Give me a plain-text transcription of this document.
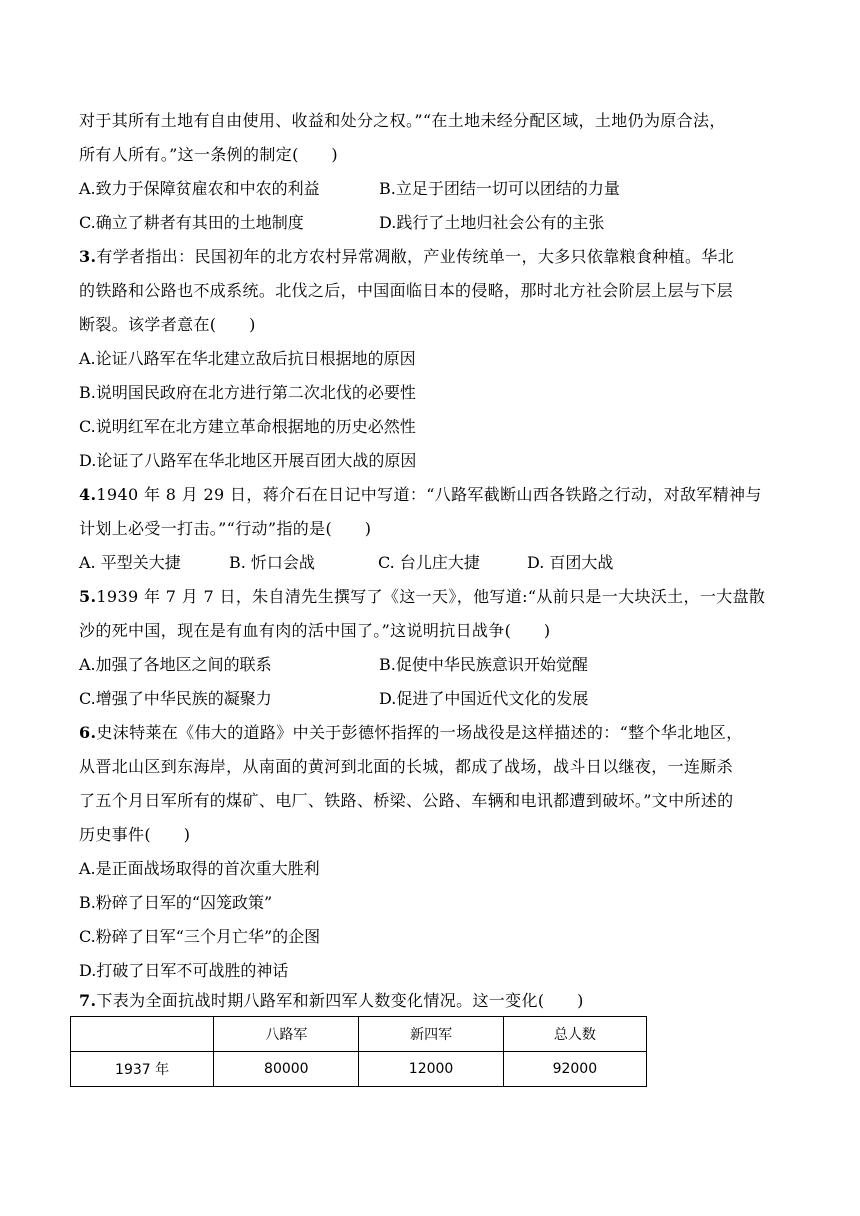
对于其所有土地有自由使用、收益和处分之权。”“在土地未经分配区域，土地仍为原合法，
所有人所有。”这一条例的制定(　　)
A.致力于保障贫雇农和中农的利益	B.立足于团结一切可以团结的力量
C.确立了耕者有其田的土地制度	D.践行了土地归社会公有的主张
3.有学者指出：民国初年的北方农村异常凋敝，产业传统单一，大多只依靠粮食种植。华北
的铁路和公路也不成系统。北伐之后，中国面临日本的侵略，那时北方社会阶层上层与下层
断裂。该学者意在(　　)
A.论证八路军在华北建立敌后抗日根据地的原因
B.说明国民政府在北方进行第二次北伐的必要性
C.说明红军在北方建立革命根据地的历史必然性
D.论证了八路军在华北地区开展百团大战的原因
4.1940 年 8 月 29 日，蒋介石在日记中写道：“八路军截断山西各铁路之行动，对敌军精神与
计划上必受一打击。”“行动”指的是(　　)
A. 平型关大捷	B. 忻口会战	C. 台儿庄大捷	D. 百团大战
5.1939 年 7 月 7 日，朱自清先生撰写了《这一天》，他写道:“从前只是一大块沃土，一大盘散
沙的死中国，现在是有血有肉的活中国了。”这说明抗日战争(　　)
A.加强了各地区之间的联系	B.促使中华民族意识开始觉醒
C.增强了中华民族的凝聚力	D.促进了中国近代文化的发展
6.史沫特莱在《伟大的道路》中关于彭德怀指挥的一场战役是这样描述的：“整个华北地区，
从晋北山区到东海岸，从南面的黄河到北面的长城，都成了战场，战斗日以继夜，一连厮杀
了五个月日军所有的煤矿、电厂、铁路、桥梁、公路、车辆和电讯都遭到破坏。”文中所述的
历史事件(　　)
A.是正面战场取得的首次重大胜利
B.粉碎了日军的“囚笼政策”
C.粉碎了日军“三个月亡华”的企图
D.打破了日军不可战胜的神话
7.下表为全面抗战时期八路军和新四军人数变化情况。这一变化(　　)
	八路军	新四军	总人数
1937 年	80000	12000	92000
